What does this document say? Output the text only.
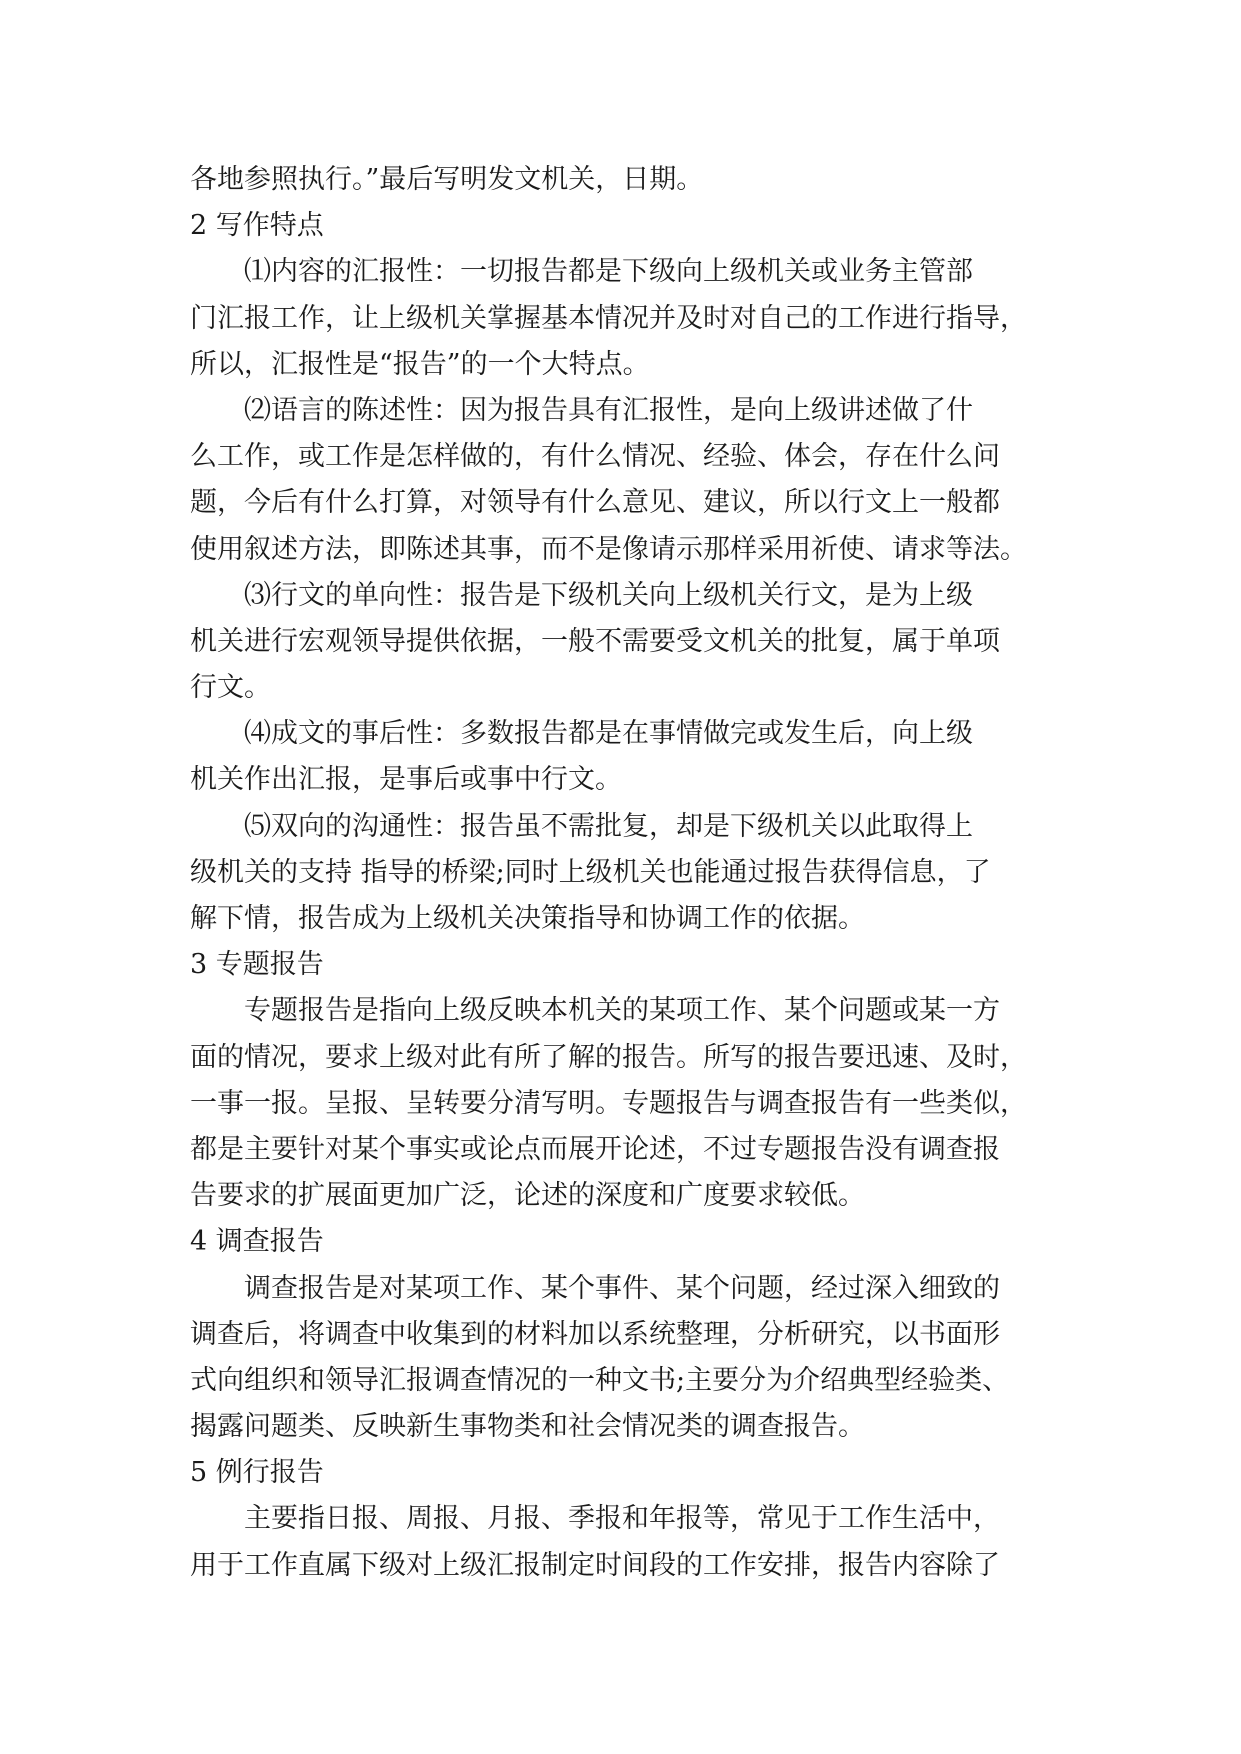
各地参照执行。”最后写明发文机关，日期。
2 写作特点
⑴内容的汇报性：一切报告都是下级向上级机关或业务主管部
门汇报工作，让上级机关掌握基本情况并及时对自己的工作进行指导，
所以，汇报性是“报告”的一个大特点。
⑵语言的陈述性：因为报告具有汇报性，是向上级讲述做了什
么工作，或工作是怎样做的，有什么情况、经验、体会，存在什么问
题，今后有什么打算，对领导有什么意见、建议，所以行文上一般都
使用叙述方法，即陈述其事，而不是像请示那样采用祈使、请求等法。
⑶行文的单向性：报告是下级机关向上级机关行文，是为上级
机关进行宏观领导提供依据，一般不需要受文机关的批复，属于单项
行文。
⑷成文的事后性：多数报告都是在事情做完或发生后，向上级
机关作出汇报，是事后或事中行文。
⑸双向的沟通性：报告虽不需批复，却是下级机关以此取得上
级机关的支持 指导的桥梁;同时上级机关也能通过报告获得信息，了
解下情，报告成为上级机关决策指导和协调工作的依据。
3 专题报告
专题报告是指向上级反映本机关的某项工作、某个问题或某一方
面的情况，要求上级对此有所了解的报告。所写的报告要迅速、及时，
一事一报。呈报、呈转要分清写明。专题报告与调查报告有一些类似，
都是主要针对某个事实或论点而展开论述，不过专题报告没有调查报
告要求的扩展面更加广泛，论述的深度和广度要求较低。
4 调查报告
调查报告是对某项工作、某个事件、某个问题，经过深入细致的
调查后，将调查中收集到的材料加以系统整理，分析研究，以书面形
式向组织和领导汇报调查情况的一种文书;主要分为介绍典型经验类、
揭露问题类、反映新生事物类和社会情况类的调查报告。
5 例行报告
主要指日报、周报、月报、季报和年报等，常见于工作生活中，
用于工作直属下级对上级汇报制定时间段的工作安排，报告内容除了
